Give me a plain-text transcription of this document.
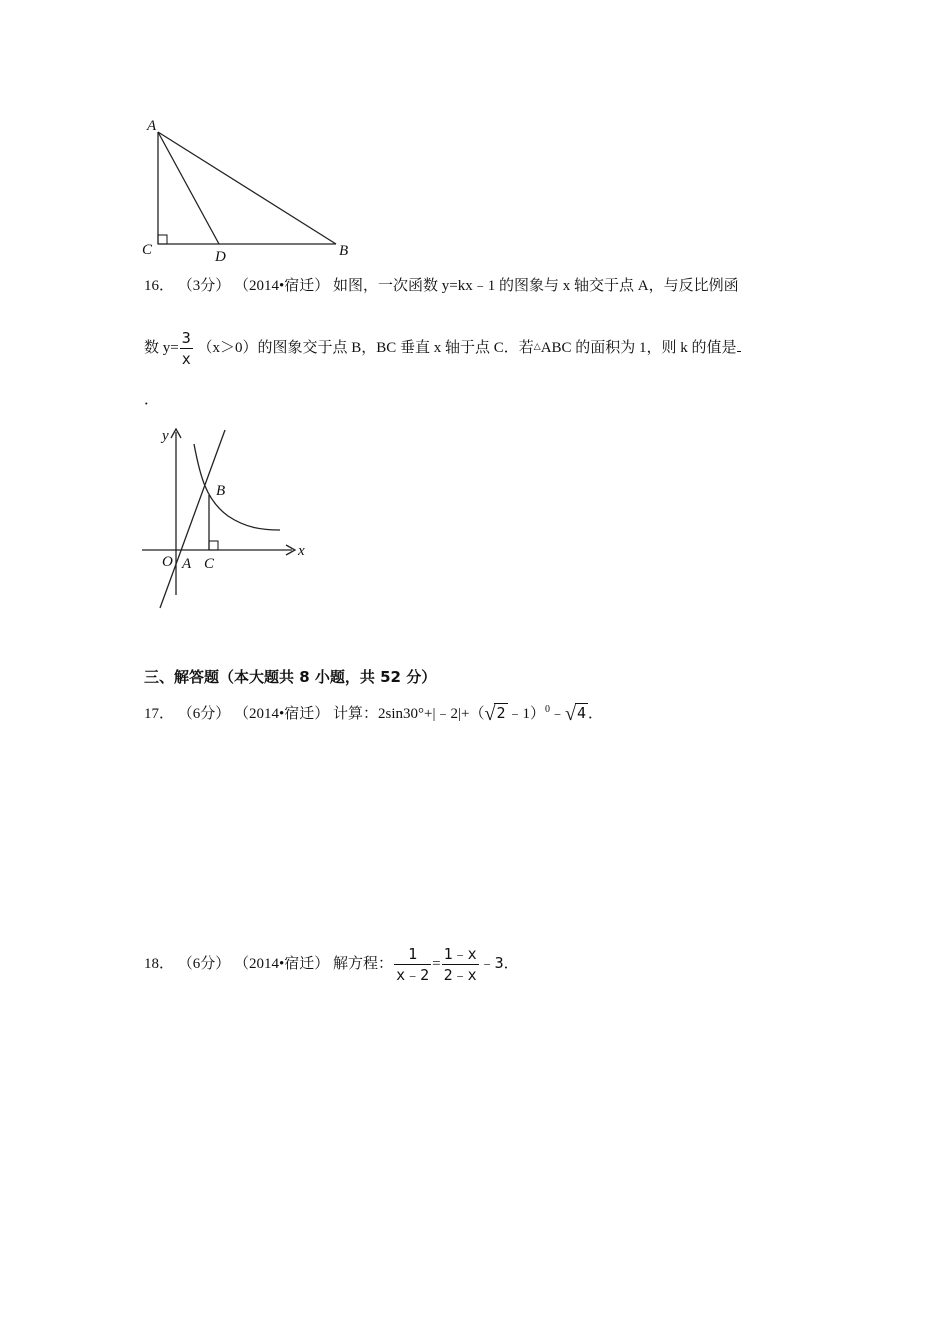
A
C	D	B
16． （3分） （2014•宿迁） 如图，一次函数 y=kx﹣1 的图象与 x 轴交于点 A，与反比例函
数 $y= \frac{3}{x} (x>0)$的图象交于点 B，BC 垂直 x 轴于点 C．若△ABC 的面积为 1，则 k 的值是
．
y
x
O A C
B
三、解答题（本大题共 8 小题，共 52 分）
17． （6分） （2014•宿迁） 计算：2sin30°+|﹣2|+（√2 ﹣1）$^0$﹣√4 ．
18． （6分） （2014•宿迁） 解方程： $\frac{1}{x﹣2} = \frac{1﹣x}{2﹣x}$ ﹣3．
